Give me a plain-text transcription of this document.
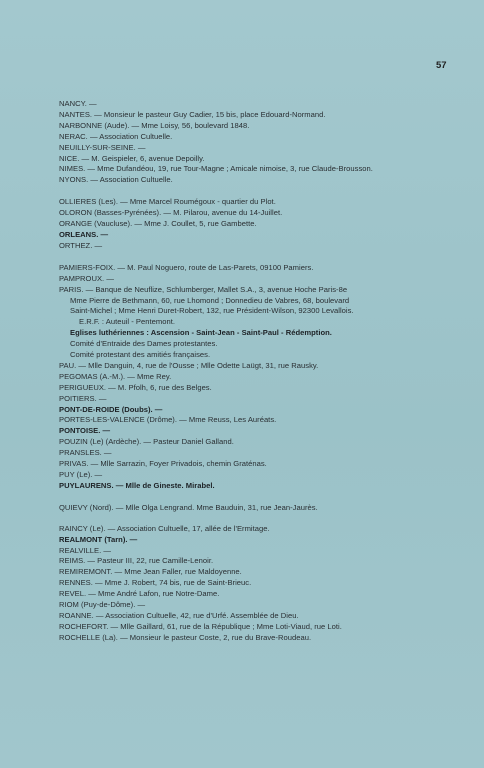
57
NANCY. —
NANTES. — Monsieur le pasteur Guy Cadier, 15 bis, place Edouard-Normand.
NARBONNE (Aude). — Mme Loisy, 56, boulevard 1848.
NERAC. — Association Cultuelle.
NEUILLY-SUR-SEINE. —
NICE. — M. Geispieler, 6, avenue Depoilly.
NIMES. — Mme Dufandéou, 19, rue Tour-Magne ; Amicale nimoise, 3, rue Claude-Brousson.
NYONS. — Association Cultuelle.
OLLIERES (Les). — Mme Marcel Roumégoux - quartier du Plot.
OLORON (Basses-Pyrénées). — M. Pilarou, avenue du 14-Juillet.
ORANGE (Vaucluse). — Mme J. Coullet, 5, rue Gambette.
ORLEANS. —
ORTHEZ. —
PAMIERS-FOIX. — M. Paul Noguero, route de Las-Parets, 09100 Pamiers.
PAMPROUX. —
PARIS. — Banque de Neuflize, Schlumberger, Mallet S.A., 3, avenue Hoche Paris-8e
Mme Pierre de Bethmann, 60, rue Lhomond ; Donnedieu de Vabres, 68, boulevard
Saint-Michel ; Mme Henri Duret-Robert, 132, rue Président-Wilson, 92300 Levallois.
E.R.F. : Auteuil - Pentemont.
Eglises luthériennes : Ascension - Saint-Jean - Saint-Paul - Rédemption.
Comité d'Entraide des Dames protestantes.
Comité protestant des amitiés françaises.
PAU. — Mlle Danguin, 4, rue de l'Ousse ; Mlle Odette Laügt, 31, rue Rausky.
PEGOMAS (A.-M.). — Mme Rey.
PERIGUEUX. — M. Pfolh, 6, rue des Belges.
POITIERS. —
PONT-DE-ROIDE (Doubs). —
PORTES-LES-VALENCE (Drôme). — Mme Reuss, Les Auréats.
PONTOISE. —
POUZIN (Le) (Ardèche). — Pasteur Daniel Galland.
PRANSLES. —
PRIVAS. — Mlle Sarrazin, Foyer Privadois, chemin Graténas.
PUY (Le). —
PUYLAURENS. — Mlle de Gineste. Mirabel.
QUIEVY (Nord). — Mlle Olga Lengrand. Mme Bauduin, 31, rue Jean-Jaurès.
RAINCY (Le). — Association Cultuelle, 17, allée de l'Ermitage.
REALMONT (Tarn). —
REALVILLE. —
REIMS. — Pasteur III, 22, rue Camille-Lenoir.
REMIREMONT. — Mme Jean Faller, rue Maldoyenne.
RENNES. — Mme J. Robert, 74 bis, rue de Saint-Brieuc.
REVEL. — Mme André Lafon, rue Notre-Dame.
RIOM (Puy-de-Dôme). —
ROANNE. — Association Cultuelle, 42, rue d'Urfé. Assemblée de Dieu.
ROCHEFORT. — Mlle Gaillard, 61, rue de la République ; Mme Loti-Viaud, rue Loti.
ROCHELLE (La). — Monsieur le pasteur Coste, 2, rue du Brave-Roudeau.
